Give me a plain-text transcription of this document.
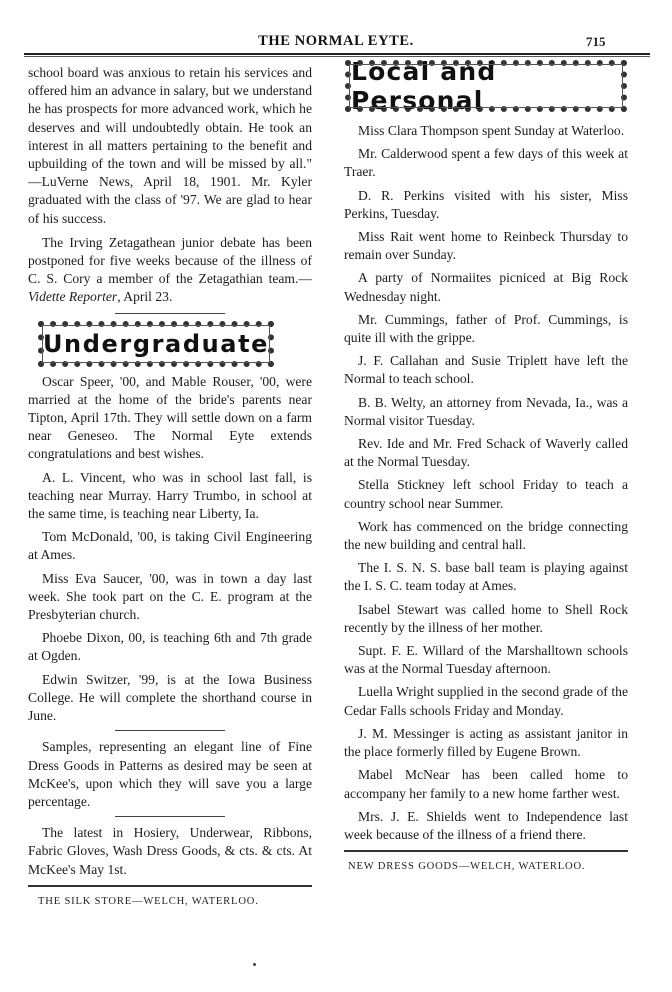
THE NORMAL EYTE.	715

school board was anxious to retain his services and offered him an advance in salary, but we understand he has prospects for more advanced work, which he deserves and will undoubtedly obtain. He took an interest in all matters pertaining to the benefit and upbuilding of the town and will be missed by all." —LuVerne News, April 18, 1901. Mr. Kyler graduated with the class of '97. We are glad to hear of his success.

The Irving Zetagathean junior debate has been postponed for five weeks because of the illness of C. S. Cory a member of the Zetagathian team.—Vidette Reporter, April 23.

Undergraduate

Oscar Speer, '00, and Mable Rouser, '00, were married at the home of the bride's parents near Tipton, April 17th. They will settle down on a farm near Geneseo. The Normal Eyte extends congratulations and best wishes.

A. L. Vincent, who was in school last fall, is teaching near Murray. Harry Trumbo, in school at the same time, is teaching near Liberty, Ia.

Tom McDonald, '00, is taking Civil Engineering at Ames.

Miss Eva Saucer, '00, was in town a day last week. She took part on the C. E. program at the Presbyterian church.

Phoebe Dixon, 00, is teaching 6th and 7th grade at Ogden.

Edwin Switzer, '99, is at the Iowa Business College. He will complete the shorthand course in June.

Samples, representing an elegant line of Fine Dress Goods in Patterns as desired may be seen at McKee's, upon which they will save you a large percentage.

The latest in Hosiery, Underwear, Ribbons, Fabric Gloves, Wash Dress Goods, & cts. & cts. At McKee's May 1st.

THE SILK STORE—WELCH, WATERLOO.
Local and Personal

Miss Clara Thompson spent Sunday at Waterloo.

Mr. Calderwood spent a few days of this week at Traer.

D. R. Perkins visited with his sister, Miss Perkins, Tuesday.

Miss Rait went home to Reinbeck Thursday to remain over Sunday.

A party of Normaiites picniced at Big Rock Wednesday night.

Mr. Cummings, father of Prof. Cummings, is quite ill with the grippe.

J. F. Callahan and Susie Triplett have left the Normal to teach school.

B. B. Welty, an attorney from Nevada, Ia., was a Normal visitor Tuesday.

Rev. Ide and Mr. Fred Schack of Waverly called at the Normal Tuesday.

Stella Stickney left school Friday to teach a country school near Summer.

Work has commenced on the bridge connecting the new building and central hall.

The I. S. N. S. base ball team is playing against the I. S. C. team today at Ames.

Isabel Stewart was called home to Shell Rock recently by the illness of her mother.

Supt. F. E. Willard of the Marshalltown schools was at the Normal Tuesday afternoon.

Luella Wright supplied in the second grade of the Cedar Falls schools Friday and Monday.

J. M. Messinger is acting as assistant janitor in the place formerly filled by Eugene Brown.

Mabel McNear has been called home to accompany her family to a new home farther west.

Mrs. J. E. Shields went to Independence last week because of the illness of a friend there.

NEW DRESS GOODS—WELCH, WATERLOO.
